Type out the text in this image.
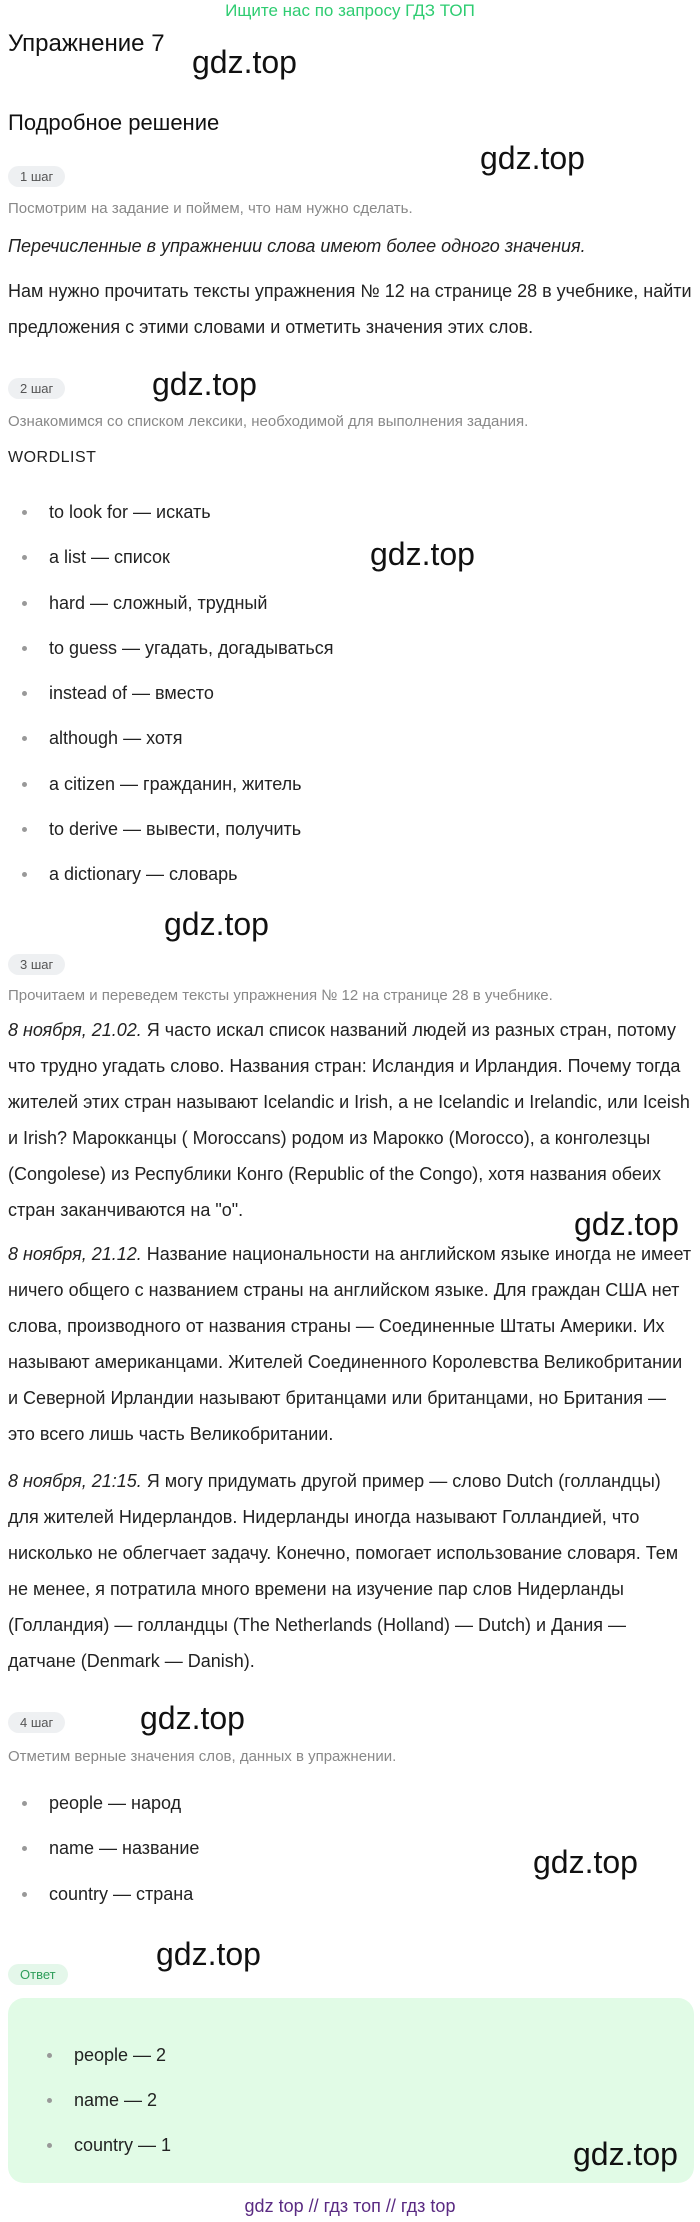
Ищите нас по запросу ГДЗ ТОП
Упражнение 7
gdz.top
Подробное решение
gdz.top
1 шаг
Посмотрим на задание и поймем, что нам нужно сделать.
Перечисленные в упражнении слова имеют более одного значения.
Нам нужно прочитать тексты упражнения № 12 на странице 28 в учебнике, найти предложения с этими словами и отметить значения этих слов.
2 шаг	gdz.top
Ознакомимся со списком лексики, необходимой для выполнения задания.
WORDLIST
to look for — искать
a list — список
hard — сложный, трудный
to guess — угадать, догадываться
instead of — вместо
although — хотя
a citizen — гражданин, житель
to derive — вывести, получить
a dictionary — словарь
gdz.top
gdz.top
3 шаг
Прочитаем и переведем тексты упражнения № 12 на странице 28 в учебнике.
8 ноября, 21.02. Я часто искал список названий людей из разных стран, потому что трудно угадать слово. Названия стран: Исландия и Ирландия. Почему тогда жителей этих стран называют Icelandic и Irish, а не Icelandic и Irelandic, или Iceish и Irish? Марокканцы ( Moroccans) родом из Марокко (Morocco), а конголезцы (Congolese) из Республики Конго (Republic of the Congo), хотя названия обеих стран заканчиваются на "о".	gdz.top
8 ноября, 21.12. Название национальности на английском языке иногда не имеет ничего общего с названием страны на английском языке. Для граждан США нет слова, производного от названия страны — Соединенные Штаты Америки. Их называют американцами. Жителей Соединенного Королевства Великобритании и Северной Ирландии называют британцами или британцами, но Британия — это всего лишь часть Великобритании.
8 ноября, 21:15. Я могу придумать другой пример — слово Dutch (голландцы) для жителей Нидерландов. Нидерланды иногда называют Голландией, что нисколько не облегчает задачу. Конечно, помогает использование словаря. Тем не менее, я потратила много времени на изучение пар слов Нидерланды (Голландия) — голландцы (The Netherlands (Holland) — Dutch) и Дания — датчане (Denmark — Danish).
4 шаг	gdz.top
Отметим верные значения слов, данных в упражнении.
people — народ
name — название
country — страна
gdz.top
gdz.top
Ответ
people — 2
name — 2
country — 1	gdz.top
gdz top // гдз топ // гдз top
